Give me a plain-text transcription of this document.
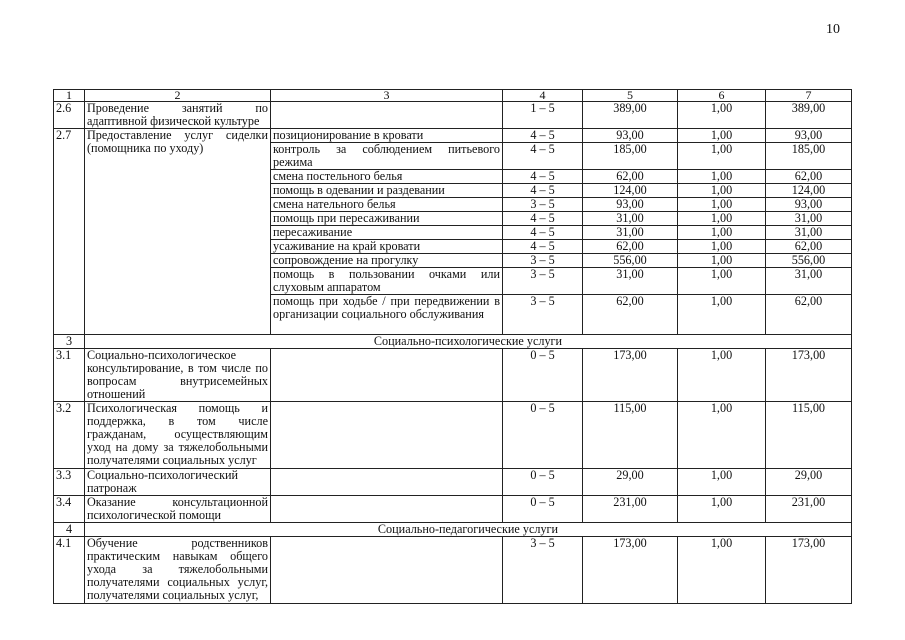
10
1	2	3	4	5	6	7
2.6	Проведение занятий по адаптивной физической культуре		1 – 5	389,00	1,00	389,00
2.7	Предоставление услуг сиделки (помощника по уходу)	позиционирование в кровати	4 – 5	93,00	1,00	93,00
		контроль за соблюдением питьевого режима	4 – 5	185,00	1,00	185,00
		смена постельного белья	4 – 5	62,00	1,00	62,00
		помощь в одевании и раздевании	4 – 5	124,00	1,00	124,00
		смена нательного белья	3 – 5	93,00	1,00	93,00
		помощь при пересаживании	4 – 5	31,00	1,00	31,00
		пересаживание	4 – 5	31,00	1,00	31,00
		усаживание на край кровати	4 – 5	62,00	1,00	62,00
		сопровождение на прогулку	3 – 5	556,00	1,00	556,00
		помощь в пользовании очками или слуховым аппаратом	3 – 5	31,00	1,00	31,00
		помощь при ходьбе / при передвижении в организации социального обслуживания	3 – 5	62,00	1,00	62,00
3	Социально-психологические услуги					
3.1	Социально-психологическое консультирование, в том числе по вопросам внутрисемейных отношений		0 – 5	173,00	1,00	173,00
3.2	Психологическая помощь и поддержка, в том числе гражданам, осуществляющим уход на дому за тяжелобольными получателями социальных услуг		0 – 5	115,00	1,00	115,00
3.3	Социально-психологический патронаж		0 – 5	29,00	1,00	29,00
3.4	Оказание консультационной психологической помощи		0 – 5	231,00	1,00	231,00
4	Социально-педагогические услуги					
4.1	Обучение родственников практическим навыкам общего ухода за тяжелобольными получателями социальных услуг, получателями социальных услуг,		3 – 5	173,00	1,00	173,00
